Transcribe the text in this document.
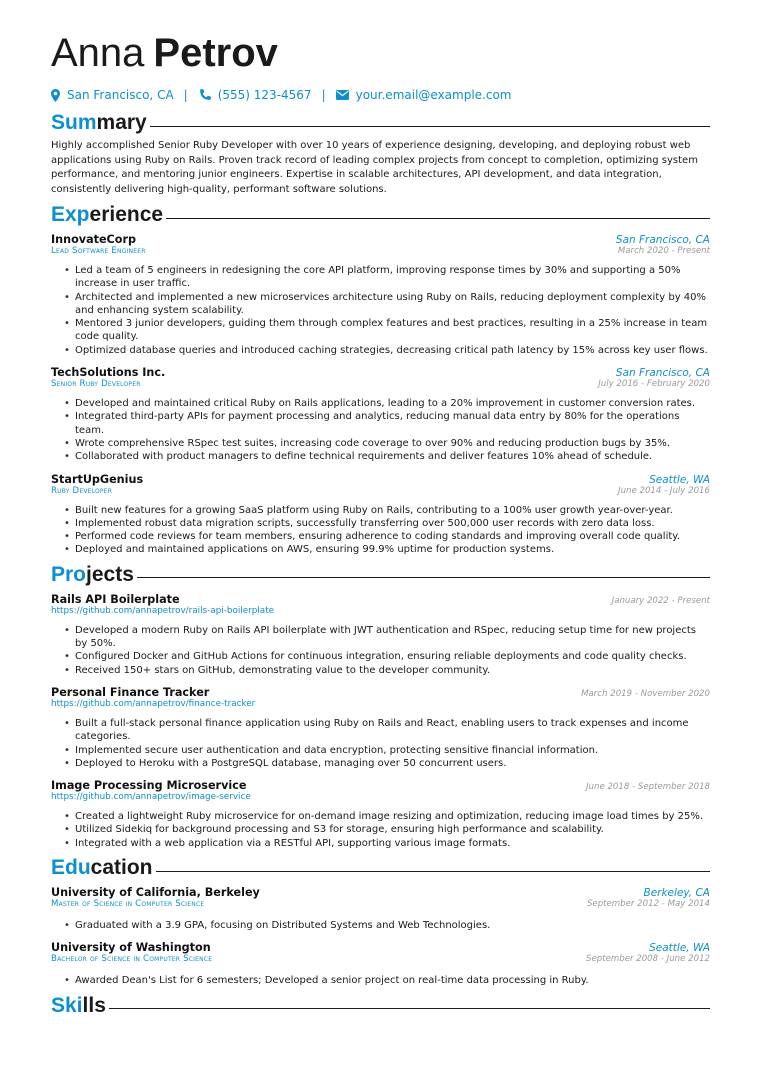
Anna Petrov
San Francisco, CA |	(555) 123-4567 |	your.email@example.com
Sum mary

Highly accomplished Senior Ruby Developer with over 10 years of experience designing, developing, and deploying robust web applications using Ruby on Rails. Proven track record of leading complex projects from concept to completion, optimizing system performance, and mentoring junior engineers. Expertise in scalable architectures, API development, and data integration, consistently delivering high-quality, performant software solutions.

Exp erience
InnovateCorp	San Francisco, CA
Lead Software Engineer	March 2020 - Present
• Led a team of 5 engineers in redesigning the core API platform, improving response times by 30% and supporting a 50% increase in user traffic.
• Architected and implemented a new microservices architecture using Ruby on Rails, reducing deployment complexity by 40% and enhancing system scalability.
• Mentored 3 junior developers, guiding them through complex features and best practices, resulting in a 25% increase in team code quality.
• Optimized database queries and introduced caching strategies, decreasing critical path latency by 15% across key user flows.
TechSolutions Inc.	San Francisco, CA
Senior Ruby Developer	July 2016 - February 2020
• Developed and maintained critical Ruby on Rails applications, leading to a 20% improvement in customer conversion rates.
• Integrated third-party APIs for payment processing and analytics, reducing manual data entry by 80% for the operations team.
• Wrote comprehensive RSpec test suites, increasing code coverage to over 90% and reducing production bugs by 35%.
• Collaborated with product managers to define technical requirements and deliver features 10% ahead of schedule.
StartUpGenius	Seattle, WA
Ruby Developer	June 2014 - July 2016
• Built new features for a growing SaaS platform using Ruby on Rails, contributing to a 100% user growth year-over-year.
• Implemented robust data migration scripts, successfully transferring over 500,000 user records with zero data loss.
• Performed code reviews for team members, ensuring adherence to coding standards and improving overall code quality.
• Deployed and maintained applications on AWS, ensuring 99.9% uptime for production systems.
Pro jects
Rails API Boilerplate	January 2022 - Present
https://github.com/annapetrov/rails-api-boilerplate
• Developed a modern Ruby on Rails API boilerplate with JWT authentication and RSpec, reducing setup time for new projects by 50%.
• Configured Docker and GitHub Actions for continuous integration, ensuring reliable deployments and code quality checks.
• Received 150+ stars on GitHub, demonstrating value to the developer community.
Personal Finance Tracker	March 2019 - November 2020
https://github.com/annapetrov/finance-tracker
• Built a full-stack personal finance application using Ruby on Rails and React, enabling users to track expenses and income categories.
• Implemented secure user authentication and data encryption, protecting sensitive financial information.
• Deployed to Heroku with a PostgreSQL database, managing over 50 concurrent users.
Image Processing Microservice	June 2018 - September 2018
https://github.com/annapetrov/image-service
• Created a lightweight Ruby microservice for on-demand image resizing and optimization, reducing image load times by 25%.
• Utilized Sidekiq for background processing and S3 for storage, ensuring high performance and scalability.
• Integrated with a web application via a RESTful API, supporting various image formats.
Edu cation
University of California, Berkeley	Berkeley, CA
Master of Science in Computer Science	September 2012 - May 2014
• Graduated with a 3.9 GPA, focusing on Distributed Systems and Web Technologies.
University of Washington	Seattle, WA
Bachelor of Science in Computer Science	September 2008 - June 2012
• Awarded Dean's List for 6 semesters; Developed a senior project on real-time data processing in Ruby.
Ski lls
